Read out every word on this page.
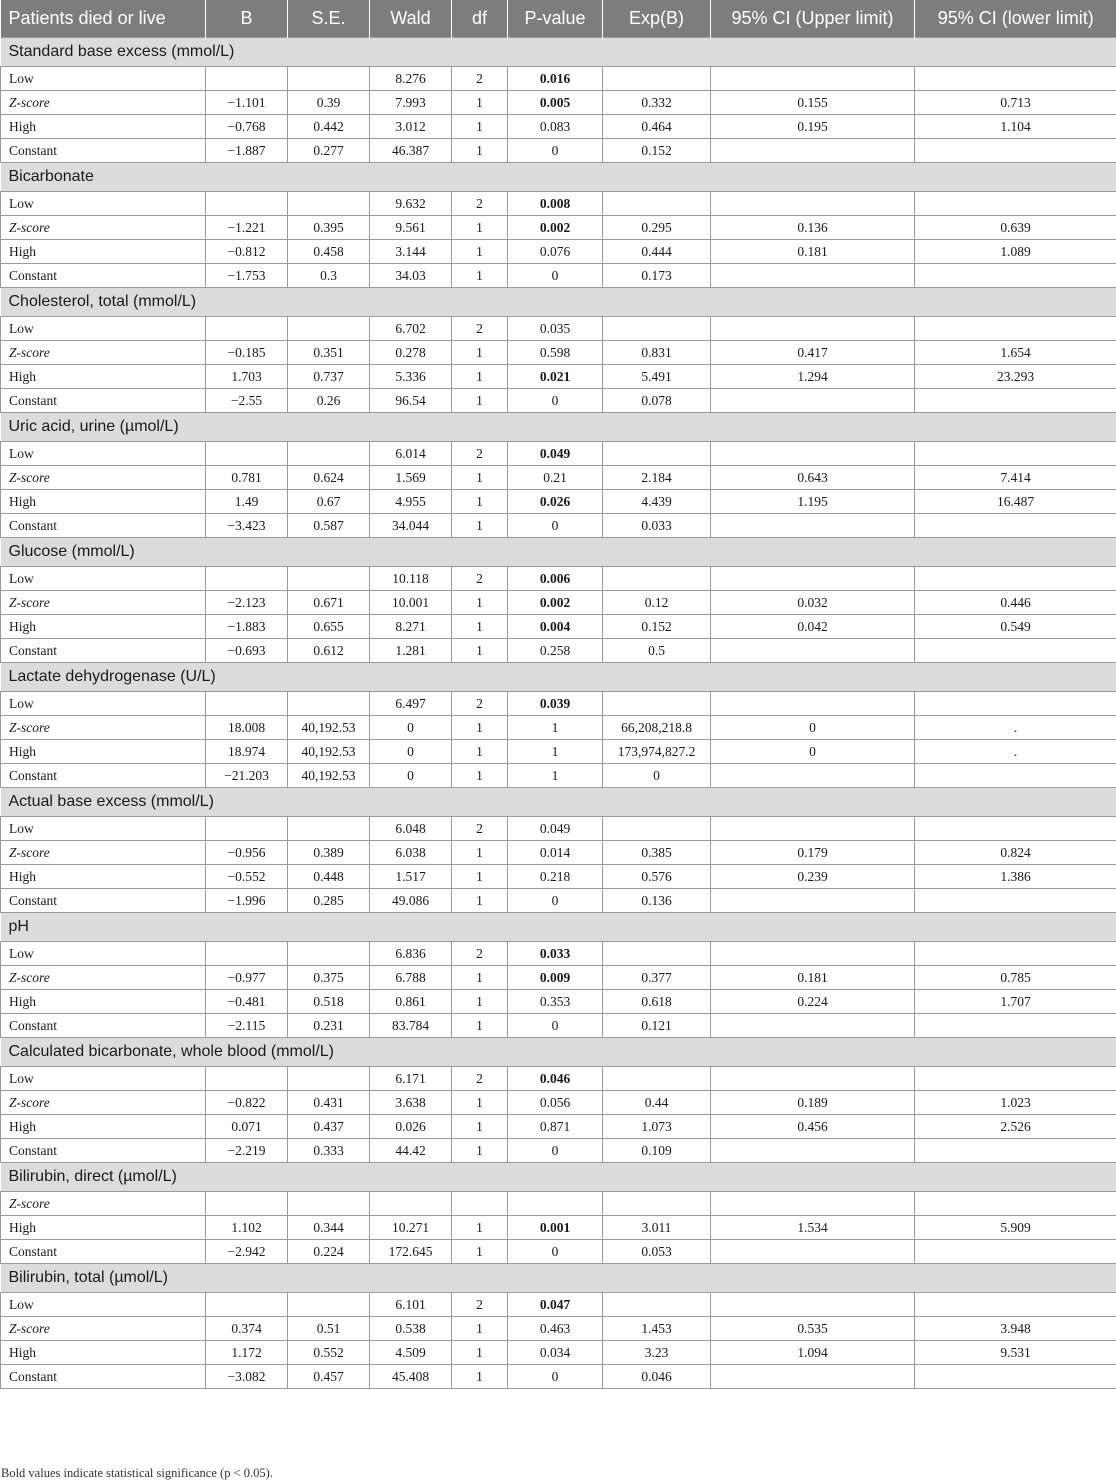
Patients died or live	B	S.E.	Wald	df	P-value	Exp(B)	95% CI (Upper limit)	95% CI (lower limit)
Standard base excess (mmol/L)								
Low			8.276	2	0.016			
Z-score	−1.101	0.39	7.993	1	0.005	0.332	0.155	0.713
High	−0.768	0.442	3.012	1	0.083	0.464	0.195	1.104
Constant	−1.887	0.277	46.387	1	0	0.152		
Bicarbonate								
Low			9.632	2	0.008			
Z-score	−1.221	0.395	9.561	1	0.002	0.295	0.136	0.639
High	−0.812	0.458	3.144	1	0.076	0.444	0.181	1.089
Constant	−1.753	0.3	34.03	1	0	0.173		
Cholesterol, total (mmol/L)								
Low			6.702	2	0.035			
Z-score	−0.185	0.351	0.278	1	0.598	0.831	0.417	1.654
High	1.703	0.737	5.336	1	0.021	5.491	1.294	23.293
Constant	−2.55	0.26	96.54	1	0	0.078		
Uric acid, urine (µmol/L)								
Low			6.014	2	0.049			
Z-score	0.781	0.624	1.569	1	0.21	2.184	0.643	7.414
High	1.49	0.67	4.955	1	0.026	4.439	1.195	16.487
Constant	−3.423	0.587	34.044	1	0	0.033		
Glucose (mmol/L)								
Low			10.118	2	0.006			
Z-score	−2.123	0.671	10.001	1	0.002	0.12	0.032	0.446
High	−1.883	0.655	8.271	1	0.004	0.152	0.042	0.549
Constant	−0.693	0.612	1.281	1	0.258	0.5		
Lactate dehydrogenase (U/L)								
Low			6.497	2	0.039			
Z-score	18.008	40,192.53	0	1	1	66,208,218.8	0	.
High	18.974	40,192.53	0	1	1	173,974,827.2	0	.
Constant	−21.203	40,192.53	0	1	1	0		
Actual base excess (mmol/L)								
Low			6.048	2	0.049			
Z-score	−0.956	0.389	6.038	1	0.014	0.385	0.179	0.824
High	−0.552	0.448	1.517	1	0.218	0.576	0.239	1.386
Constant	−1.996	0.285	49.086	1	0	0.136		
pH								
Low			6.836	2	0.033			
Z-score	−0.977	0.375	6.788	1	0.009	0.377	0.181	0.785
High	−0.481	0.518	0.861	1	0.353	0.618	0.224	1.707
Constant	−2.115	0.231	83.784	1	0	0.121		
Calculated bicarbonate, whole blood (mmol/L)								
Low			6.171	2	0.046			
Z-score	−0.822	0.431	3.638	1	0.056	0.44	0.189	1.023
High	0.071	0.437	0.026	1	0.871	1.073	0.456	2.526
Constant	−2.219	0.333	44.42	1	0	0.109		
Bilirubin, direct (µmol/L)								
Z-score								
High	1.102	0.344	10.271	1	0.001	3.011	1.534	5.909
Constant	−2.942	0.224	172.645	1	0	0.053		
Bilirubin, total (µmol/L)								
Low			6.101	2	0.047			
Z-score	0.374	0.51	0.538	1	0.463	1.453	0.535	3.948
High	1.172	0.552	4.509	1	0.034	3.23	1.094	9.531
Constant	−3.082	0.457	45.408	1	0	0.046		
Bold values indicate statistical significance (p < 0.05).
